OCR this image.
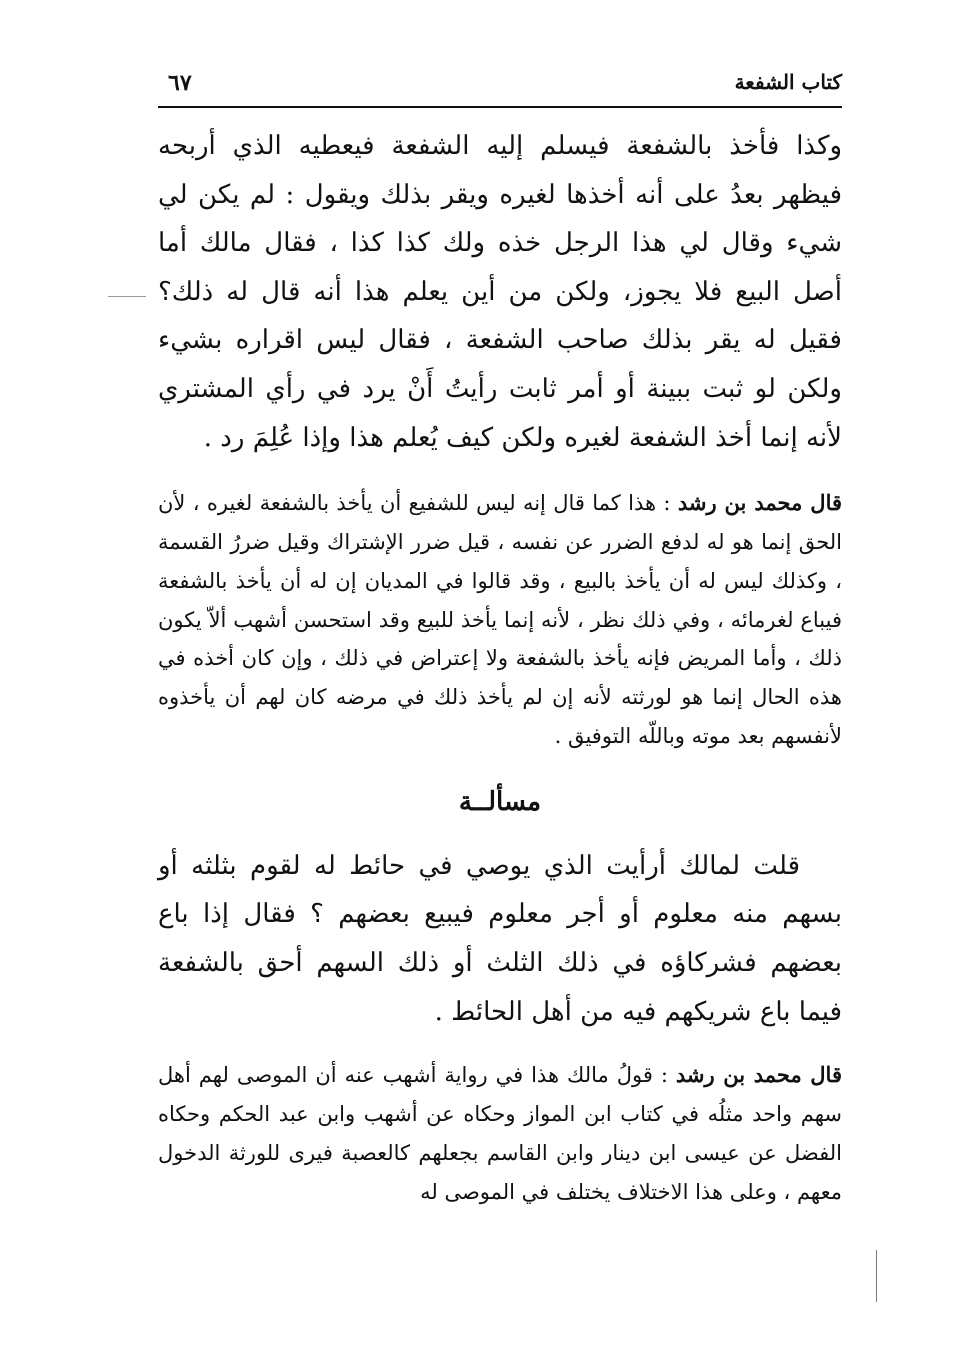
كتاب الشفعة
٦٧

وكذا فأخذ بالشفعة فيسلم إليه الشفعة فيعطيه الذي أربحه فيظهر بعدُ على أنه أخذها لغيره ويقر بذلك ويقول : لم يكن لي شيء وقال لي هذا الرجل خذه ولك كذا كذا ، فقال مالك أما أصل البيع فلا يجوز، ولكن من أين يعلم هذا أنه قال له ذلك؟ فقيل له يقر بذلك صاحب الشفعة ، فقال ليس اقراره بشيء ولكن لو ثبت ببينة أو أمر ثابت رأيتُ أَنْ يرد في رأي المشتري لأنه إنما أخذ الشفعة لغيره ولكن كيف يُعلم هذا وإذا عُلِمَ رد .

قال محمد بن رشد : هذا كما قال إنه ليس للشفيع أن يأخذ بالشفعة لغيره ، لأن الحق إنما هو له لدفع الضرر عن نفسه ، قيل ضرر الإشتراك وقيل ضررُ القسمة ، وكذلك ليس له أن يأخذ بالبيع ، وقد قالوا في المديان إن له أن يأخذ بالشفعة فيباع لغرمائه ، وفي ذلك نظر ، لأنه إنما يأخذ للبيع وقد استحسن أشهب ألاّ يكون ذلك ، وأما المريض فإنه يأخذ بالشفعة ولا إعتراض في ذلك ، وإن كان أخذه في هذه الحال إنما هو لورثته لأنه إن لم يأخذ ذلك في مرضه كان لهم أن يأخذوه لأنفسهم بعد موته وباللّه التوفيق .

مسألــة

قلت لمالك أرأيت الذي يوصي في حائط له لقوم بثلثه أو بسهم منه معلوم أو أجر معلوم فيبيع بعضهم ؟ فقال إذا باع بعضهم فشركاؤه في ذلك الثلث أو ذلك السهم أحق بالشفعة فيما باع شريكهم فيه من أهل الحائط .

قال محمد بن رشد : قولُ مالك هذا في رواية أشهب عنه أن الموصى لهم أهل سهم واحد مثلُه في كتاب ابن المواز وحكاه عن أشهب وابن عبد الحكم وحكاه الفضل عن عيسى ابن دينار وابن القاسم بجعلهم كالعصبة فيرى للورثة الدخول معهم ، وعلى هذا الاختلاف يختلف في الموصى له
